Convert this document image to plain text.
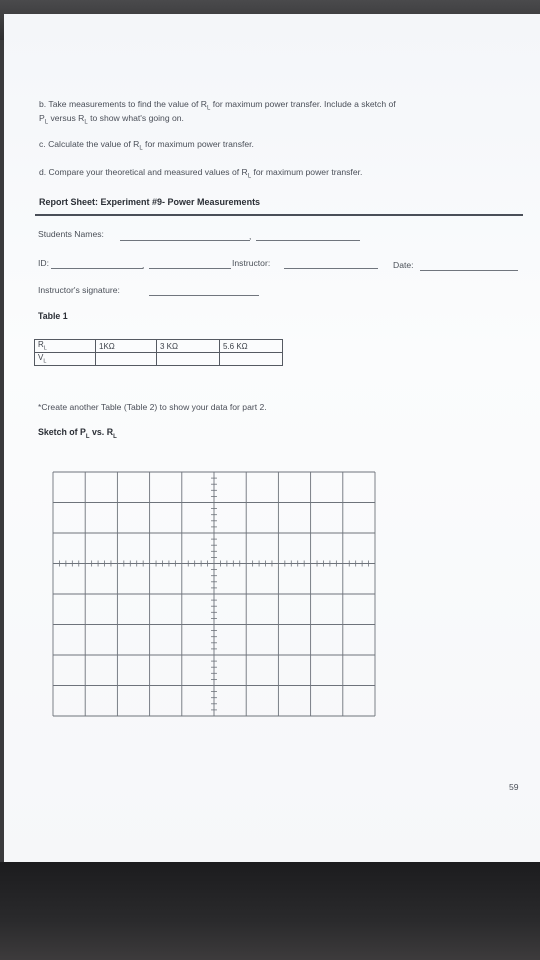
b. Take measurements to find the value of $R_L$ for maximum power transfer. Include a sketch of
$P_L$ versus $R_L$ to show what's going on.
c. Calculate the value of $R_L$ for maximum power transfer.
d. Compare your theoretical and measured values of $R_L$ for maximum power transfer.
Report Sheet: Experiment #9- Power Measurements
Students Names:	,
ID:	,	Instructor:	Date:
Instructor's signature:
Table 1
$R_L$	1KΩ	3 KΩ	5.6 KΩ
$V_L$			
*Create another Table (Table 2) to show your data for part 2.
Sketch of $P_L$ vs. $R_L$
59
